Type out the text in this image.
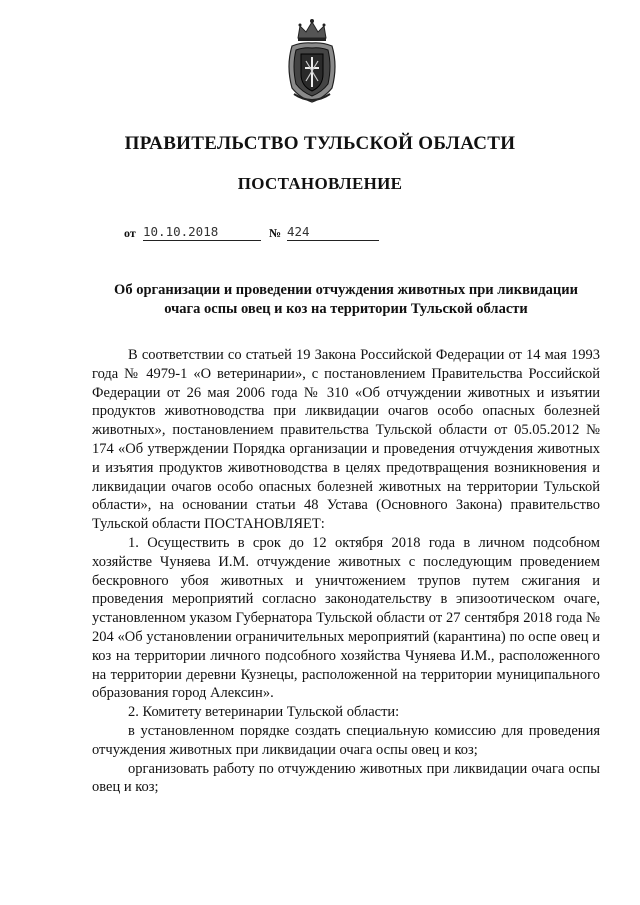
ПРАВИТЕЛЬСТВО ТУЛЬСКОЙ ОБЛАСТИ
ПОСТАНОВЛЕНИЕ
от 10.10.2018	№ 424
Об организации и проведении отчуждения животных при ликвидации
очага оспы овец и коз на территории Тульской области

В соответствии со статьей 19 Закона Российской Федерации от 14 мая 1993 года № 4979-1 «О ветеринарии», с постановлением Правительства Российской Федерации от 26 мая 2006 года № 310 «Об отчуждении животных и изъятии продуктов животноводства при ликвидации очагов особо опасных болезней животных», постановлением правительства Тульской области от 05.05.2012 № 174 «Об утверждении Порядка организации и проведения отчуждения животных и изъятия продуктов животноводства в целях предотвращения возникновения и ликвидации очагов особо опасных болезней животных на территории Тульской области», на основании статьи 48 Устава (Основного Закона) правительство Тульской области ПОСТАНОВЛЯЕТ:

1. Осуществить в срок до 12 октября 2018 года в личном подсобном хозяйстве Чуняева И.М. отчуждение животных с последующим проведением бескровного убоя животных и уничтожением трупов путем сжигания и проведения мероприятий согласно законодательству в эпизоотическом очаге, установленном указом Губернатора Тульской области от 27 сентября 2018 года № 204 «Об установлении ограничительных мероприятий (карантина) по оспе овец и коз на территории личного подсобного хозяйства Чуняева И.М., расположенного на территории деревни Кузнецы, расположенной на территории муниципального образования город Алексин».

2. Комитету ветеринарии Тульской области:

в установленном порядке создать специальную комиссию для проведения отчуждения животных при ликвидации очага оспы овец и коз;

организовать работу по отчуждению животных при ликвидации очага оспы овец и коз;
